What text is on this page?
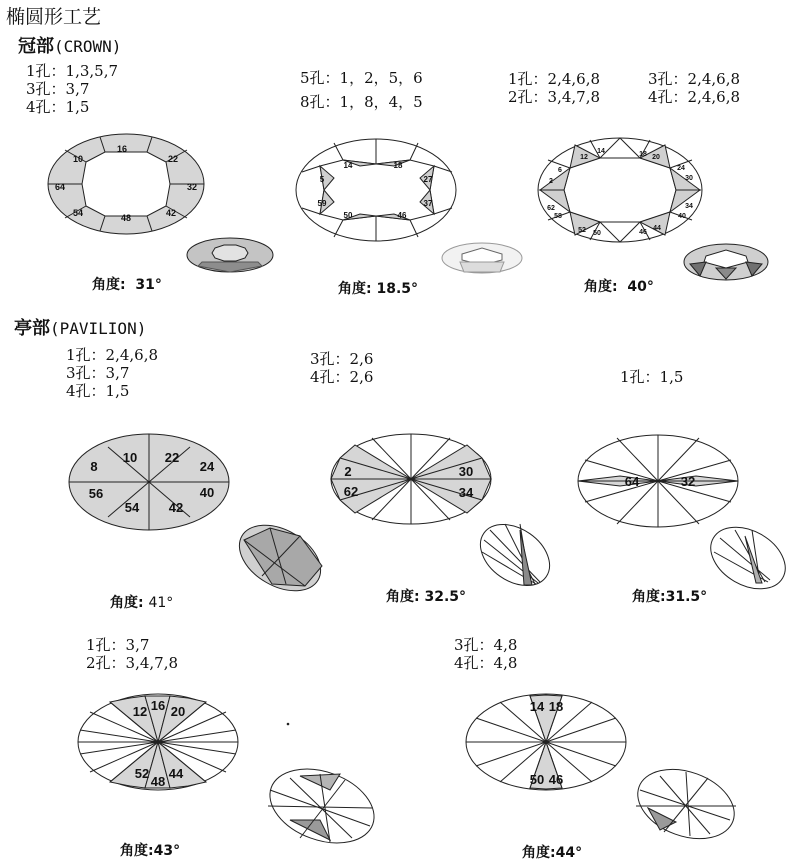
椭圆形工艺
冠部(CROWN)
亭部(PAVILION)
1孔：1,3,5,7
3孔：3,7
4孔：1,5
5孔：1，2，5，6
8孔：1，8，4，5
1孔：2,4,6,8
2孔：3,4,7,8
3孔：2,4,6,8
4孔：2,4,6,8
1孔：2,4,6,8
3孔：3,7
4孔：1,5
3孔：2,6
4孔：2,6	1孔：1,5
1孔：3,7
2孔：3,4,7,8
3孔：4,8
4孔：4,8
角度: 31°	角度: 18.5°	角度: 40°
角度: 41°	角度: 32.5°	角度:31.5°
角度:43°	角度:44°
16
10	22
64	32
54	48	42
14	18
5	27
59	37
50	46
12
14	18 20
6	24
2	30
62	34
58	40
52 50	46
44
10 22
8	24
56	40
54 42
2	30
62	34
64	32
12 16 20
52
48
44
14 18
50 46
